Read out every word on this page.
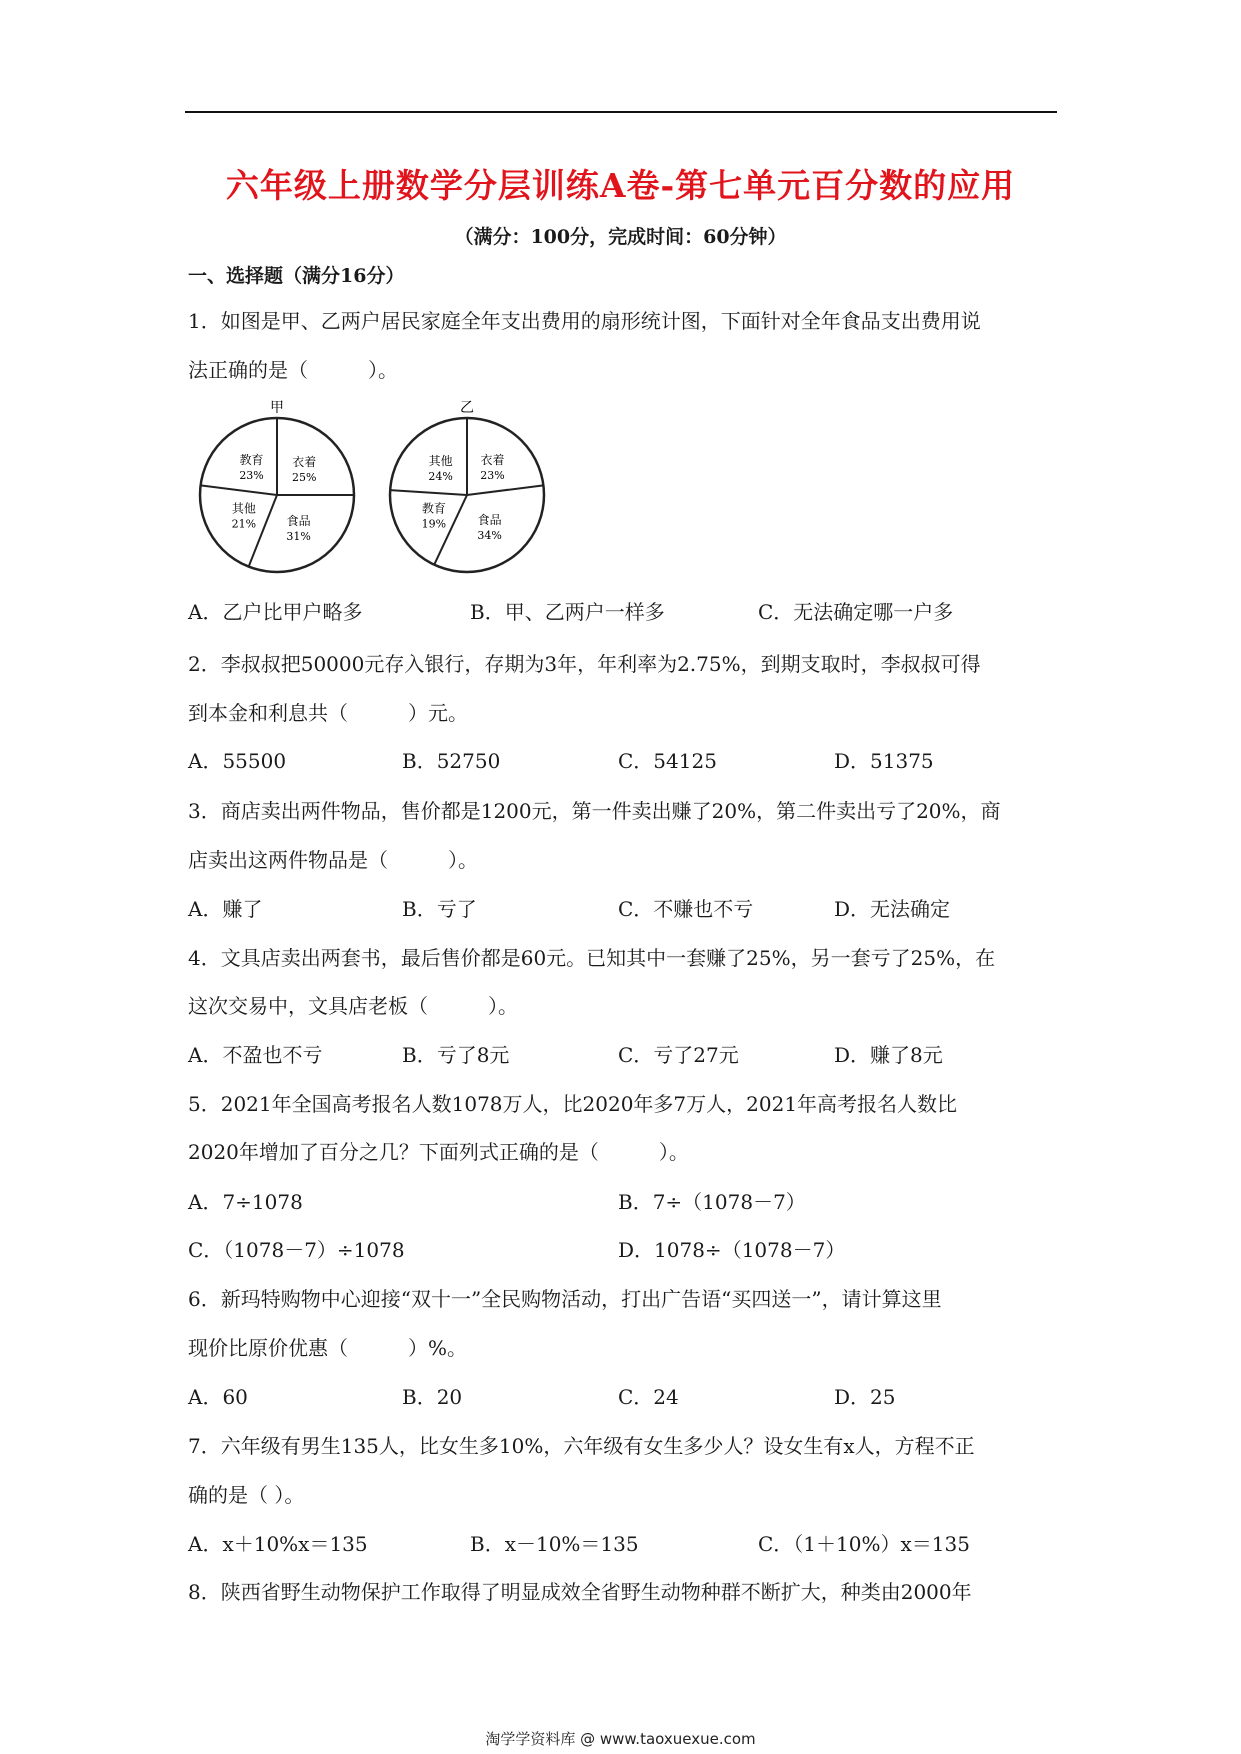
六年级上册数学分层训练A卷-第七单元百分数的应用
（满分：100分，完成时间：60分钟）
一、选择题（满分16分）
1．如图是甲、乙两户居民家庭全年支出费用的扇形统计图，下面针对全年食品支出费用说
法正确的是（　　　）。
甲
衣着
25%
食品
31%
其他
21%
教育
23%
乙
衣着
23%
食品
34%
教育
19%
其他
24%
A．乙户比甲户略多	B．甲、乙两户一样多	C．无法确定哪一户多
2．李叔叔把50000元存入银行，存期为3年，年利率为2.75%，到期支取时，李叔叔可得
到本金和利息共（　　　）元。
A．55500	B．52750	C．54125	D．51375
3．商店卖出两件物品，售价都是1200元，第一件卖出赚了20%，第二件卖出亏了20%，商
店卖出这两件物品是（　　　）。
A．赚了	B．亏了	C．不赚也不亏	D．无法确定
4．文具店卖出两套书，最后售价都是60元。已知其中一套赚了25%，另一套亏了25%，在
这次交易中，文具店老板（　　　）。
A．不盈也不亏	B．亏了8元	C．亏了27元	D．赚了8元
5．2021年全国高考报名人数1078万人，比2020年多7万人，2021年高考报名人数比
2020年增加了百分之几？下面列式正确的是（　　　）。
A．7÷1078	B．7÷（1078－7）
C．（1078－7）÷1078	D．1078÷（1078－7）
6．新玛特购物中心迎接“双十一”全民购物活动，打出广告语“买四送一”，请计算这里
现价比原价优惠（　　　）%。
A．60	B．20	C．24	D．25
7．六年级有男生135人，比女生多10%，六年级有女生多少人？设女生有x人，方程不正
确的是（ ）。
A．x＋10%x＝135	B．x－10%＝135	C．（1＋10%）x＝135
8．陕西省野生动物保护工作取得了明显成效全省野生动物种群不断扩大，种类由2000年
淘学学资料库 @ www.taoxuexue.com
